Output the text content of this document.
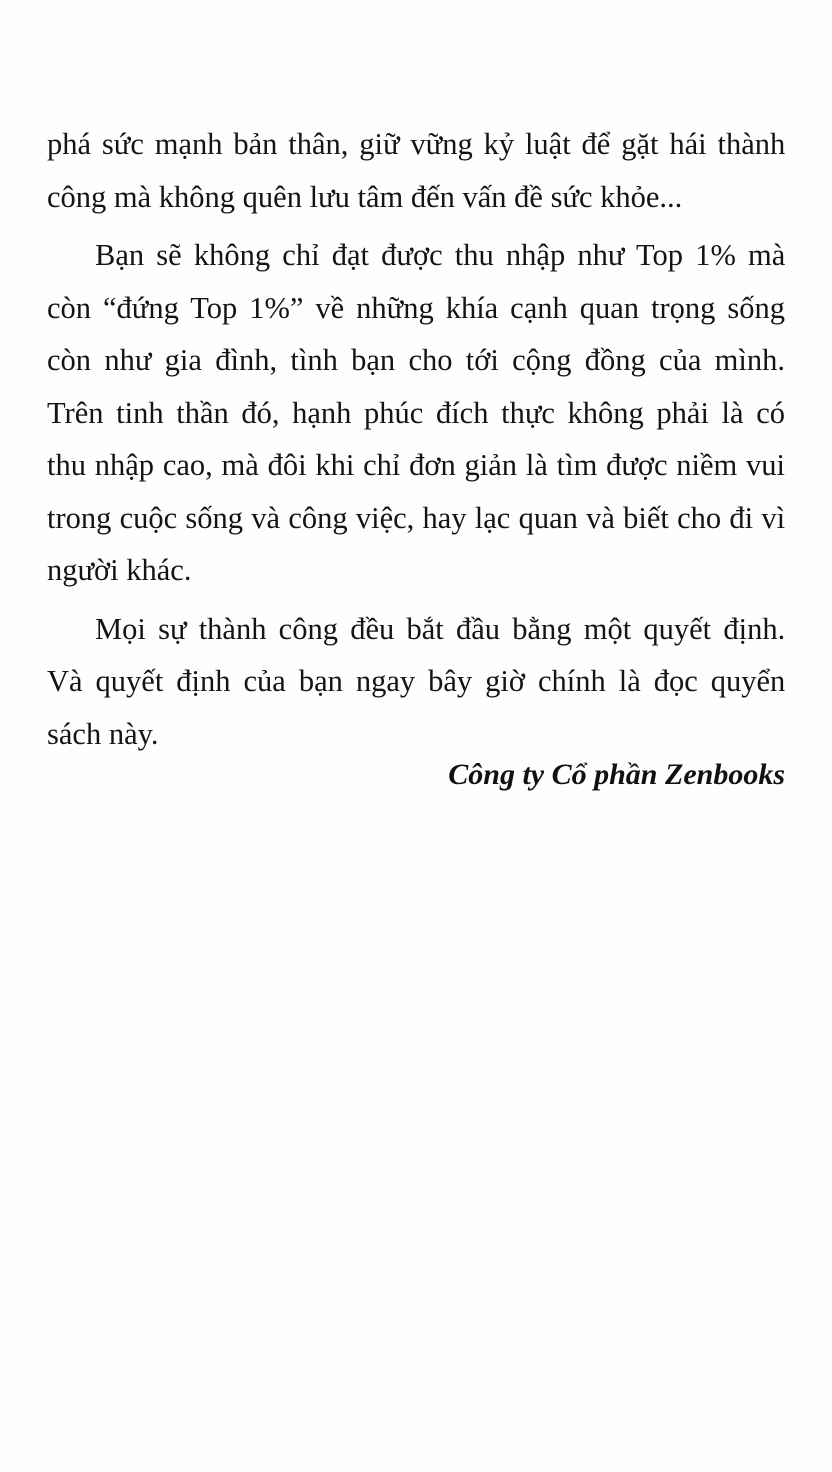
phá sức mạnh bản thân, giữ vững kỷ luật để gặt hái thành
công mà không quên lưu tâm đến vấn đề sức khỏe...

Bạn sẽ không chỉ đạt được thu nhập như Top 1% mà
còn “đứng Top 1%” về những khía cạnh quan trọng sống
còn như gia đình, tình bạn cho tới cộng đồng của mình.
Trên tinh thần đó, hạnh phúc đích thực không phải là có
thu nhập cao, mà đôi khi chỉ đơn giản là tìm được niềm vui
trong cuộc sống và công việc, hay lạc quan và biết cho đi vì
người khác.

Mọi sự thành công đều bắt đầu bằng một quyết định.
Và quyết định của bạn ngay bây giờ chính là đọc quyển
sách này.

Công ty Cổ phần Zenbooks
